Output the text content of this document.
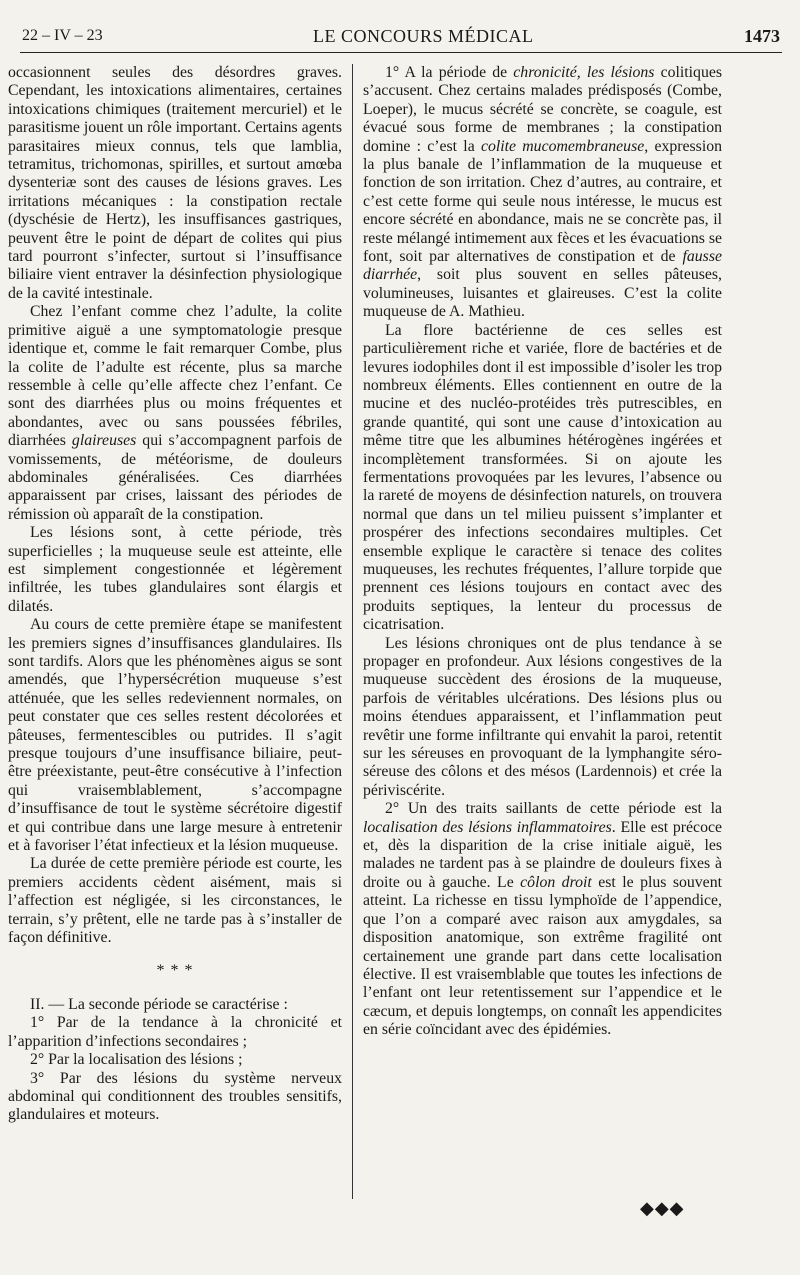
22 – IV – 23	LE CONCOURS MÉDICAL	1473

occasionnent seules des désordres graves. Cependant, les intoxications alimentaires, certaines intoxications chimiques (traitement mercuriel) et le parasitisme jouent un rôle important. Certains agents parasitaires mieux connus, tels que lamblia, tetramitus, trichomonas, spirilles, et surtout amœba dysenteriæ sont des causes de lésions graves. Les irritations mécaniques : la constipation rectale (dyschésie de Hertz), les insuffisances gastriques, peuvent être le point de départ de colites qui pius tard pourront s’infecter, surtout si l’insuffisance biliaire vient entraver la désinfection physiologique de la cavité intestinale.

Chez l’enfant comme chez l’adulte, la colite primitive aiguë a une symptomatologie presque identique et, comme le fait remarquer Combe, plus la colite de l’adulte est récente, plus sa marche ressemble à celle qu’elle affecte chez l’enfant. Ce sont des diarrhées plus ou moins fréquentes et abondantes, avec ou sans poussées fébriles, diarrhées glaireuses qui s’accompagnent parfois de vomissements, de météorisme, de douleurs abdominales généralisées. Ces diarrhées apparaissent par crises, laissant des périodes de rémission où apparaît de la constipation.

Les lésions sont, à cette période, très superficielles ; la muqueuse seule est atteinte, elle est simplement congestionnée et légèrement infiltrée, les tubes glandulaires sont élargis et dilatés.

Au cours de cette première étape se manifestent les premiers signes d’insuffisances glandulaires. Ils sont tardifs. Alors que les phénomènes aigus se sont amendés, que l’hypersécrétion muqueuse s’est atténuée, que les selles redeviennent normales, on peut constater que ces selles restent décolorées et pâteuses, fermentescibles ou putrides. Il s’agit presque toujours d’une insuffisance biliaire, peut-être préexistante, peut-être consécutive à l’infection qui vraisemblablement, s’accompagne d’insuffisance de tout le système sécrétoire digestif et qui contribue dans une large mesure à entretenir et à favoriser l’état infectieux et la lésion muqueuse.

La durée de cette première période est courte, les premiers accidents cèdent aisément, mais si l’affection est négligée, si les circonstances, le terrain, s’y prêtent, elle ne tarde pas à s’installer de façon définitive.

* * *

II. — La seconde période se caractérise :

1° Par de la tendance à la chronicité et l’apparition d’infections secondaires ;

2° Par la localisation des lésions ;

3° Par des lésions du système nerveux abdominal qui conditionnent des troubles sensitifs, glandulaires et moteurs.

1° A la période de chronicité, les lésions colitiques s’accusent. Chez certains malades prédisposés (Combe, Loeper), le mucus sécrété se concrète, se coagule, est évacué sous forme de membranes ; la constipation domine : c’est la colite mucomembraneuse, expression la plus banale de l’inflammation de la muqueuse et fonction de son irritation. Chez d’autres, au contraire, et c’est cette forme qui seule nous intéresse, le mucus est encore sécrété en abondance, mais ne se concrète pas, il reste mélangé intimement aux fèces et les évacuations se font, soit par alternatives de constipation et de fausse diarrhée, soit plus souvent en selles pâteuses, volumineuses, luisantes et glaireuses. C’est la colite muqueuse de A. Mathieu.

La flore bactérienne de ces selles est particulièrement riche et variée, flore de bactéries et de levures iodophiles dont il est impossible d’isoler les trop nombreux éléments. Elles contiennent en outre de la mucine et des nucléo-protéides très putrescibles, en grande quantité, qui sont une cause d’intoxication au même titre que les albumines hétérogènes ingérées et incomplètement transformées. Si on ajoute les fermentations provoquées par les levures, l’absence ou la rareté de moyens de désinfection naturels, on trouvera normal que dans un tel milieu puissent s’implanter et prospérer des infections secondaires multiples. Cet ensemble explique le caractère si tenace des colites muqueuses, les rechutes fréquentes, l’allure torpide que prennent ces lésions toujours en contact avec des produits septiques, la lenteur du processus de cicatrisation.

Les lésions chroniques ont de plus tendance à se propager en profondeur. Aux lésions congestives de la muqueuse succèdent des érosions de la muqueuse, parfois de véritables ulcérations. Des lésions plus ou moins étendues apparaissent, et l’inflammation peut revêtir une forme infiltrante qui envahit la paroi, retentit sur les séreuses en provoquant de la lymphangite séro-séreuse des côlons et des mésos (Lardennois) et crée la périviscérite.

2° Un des traits saillants de cette période est la localisation des lésions inflammatoires. Elle est précoce et, dès la disparition de la crise initiale aiguë, les malades ne tardent pas à se plaindre de douleurs fixes à droite ou à gauche. Le côlon droit est le plus souvent atteint. La richesse en tissu lymphoïde de l’appendice, que l’on a comparé avec raison aux amygdales, sa disposition anatomique, son extrême fragilité ont certainement une grande part dans cette localisation élective. Il est vraisemblable que toutes les infections de l’enfant ont leur retentissement sur l’appendice et le cæcum, et depuis longtemps, on connaît les appendicites en série coïncidant avec des épidémies.

◆◆◆
